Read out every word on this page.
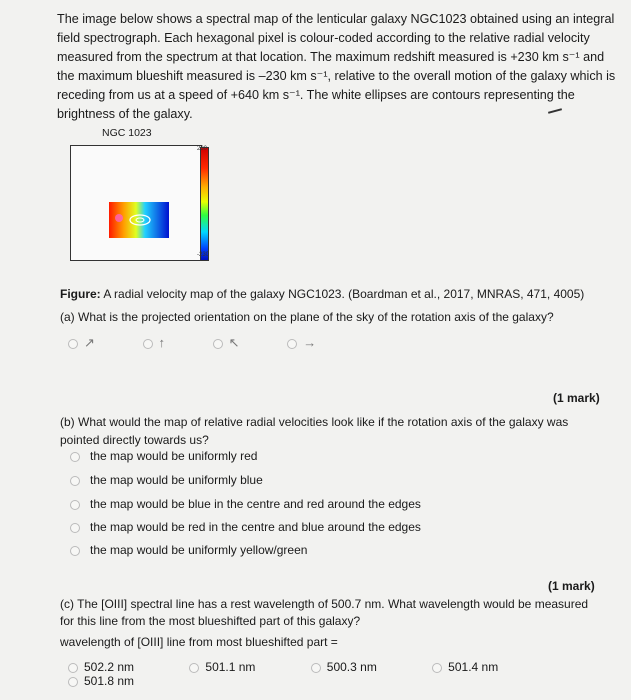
The image below shows a spectral map of the lenticular galaxy NGC1023 obtained using an integral field spectrograph. Each hexagonal pixel is colour-coded according to the relative radial velocity measured from the spectrum at that location. The maximum redshift measured is +230 km s⁻¹ and the maximum blueshift measured is –230 km s⁻¹, relative to the overall motion of the galaxy which is receding from us at a speed of +640 km s⁻¹. The white ellipses are contours representing the brightness of the galaxy.
NGC 1023
230
-230
Figure: A radial velocity map of the galaxy NGC1023. (Boardman et al., 2017, MNRAS, 471, 4005)
(a) What is the projected orientation on the plane of the sky of the rotation axis of the galaxy?
↗	↑	↖	→
(1 mark)
(b) What would the map of relative radial velocities look like if the rotation axis of the galaxy was pointed directly towards us?
the map would be uniformly red
the map would be uniformly blue
the map would be blue in the centre and red around the edges
the map would be red in the centre and blue around the edges
the map would be uniformly yellow/green
(1 mark)
(c) The [OIII] spectral line has a rest wavelength of 500.7 nm. What wavelength would be measured for this line from the most blueshifted part of this galaxy?
wavelength of [OIII] line from most blueshifted part =
502.2 nm	501.1 nm	500.3 nm	501.4 nm 501.8 nm
